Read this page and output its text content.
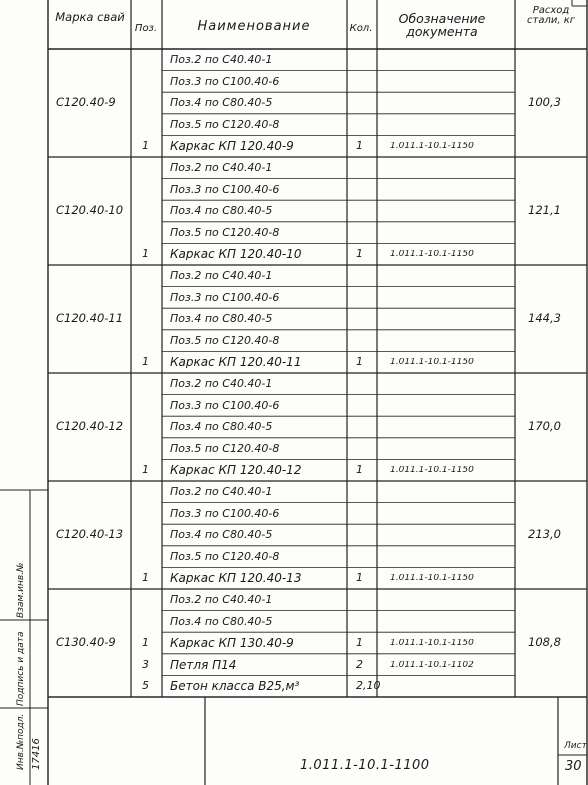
Марка свай
Поз.	Наименование	Кол.
Обозначение документа
Расход стали, кг
С120.40-9	100,3
Поз.2 по С40.40-1
Поз.3 по С100.40-6
Поз.4 по С80.40-5
Поз.5 по С120.40-8
1 Каркас КП 120.40-9	1	1.011.1-10.1-1150
С120.40-10	121,1
Поз.2 по С40.40-1
Поз.3 по С100.40-6
Поз.4 по С80.40-5
Поз.5 по С120.40-8
1 Каркас КП 120.40-10	1	1.011.1-10.1-1150
С120.40-11	144,3
Поз.2 по С40.40-1
Поз.3 по С100.40-6
Поз.4 по С80.40-5
Поз.5 по С120.40-8
1 Каркас КП 120.40-11	1	1.011.1-10.1-1150
С120.40-12	170,0
Поз.2 по С40.40-1
Поз.3 по С100.40-6
Поз.4 по С80.40-5
Поз.5 по С120.40-8
1 Каркас КП 120.40-12	1	1.011.1-10.1-1150
С120.40-13	213,0
Поз.2 по С40.40-1
Поз.3 по С100.40-6
Поз.4 по С80.40-5
Поз.5 по С120.40-8
1 Каркас КП 120.40-13	1	1.011.1-10.1-1150
С130.40-9	108,8
Поз.2 по С40.40-1
Поз.4 по С80.40-5
1 Каркас КП 130.40-9	1	1.011.1-10.1-1150
3 Петля П14	2	1.011.1-10.1-1102
5 Бетон класса В25,м³	2,10
1.011.1-10.1-1100
Лист
30
Инв.№подл.
Подпись и дата
Взам.инв.№
17416
